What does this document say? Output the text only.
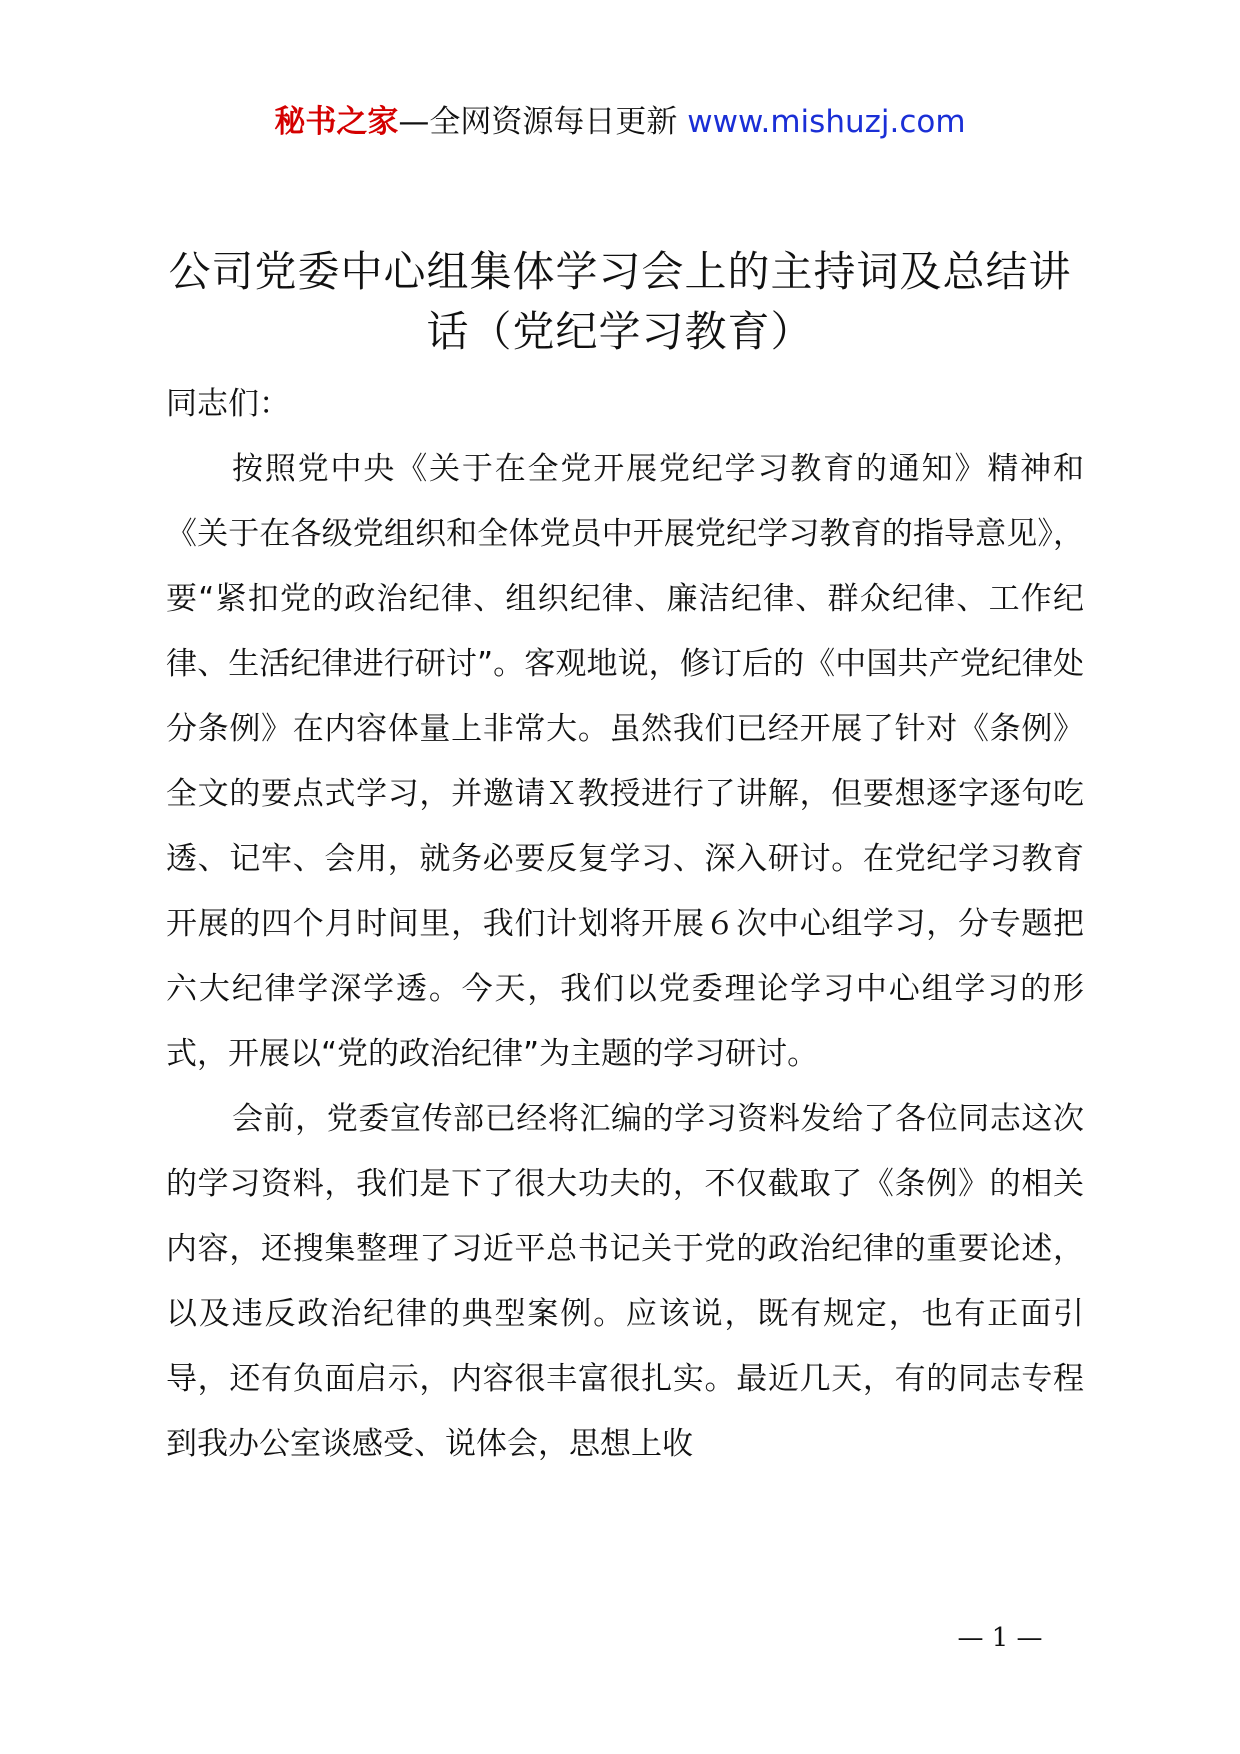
秘书之家—全网资源每日更新 www.mishuzj.com
公司党委中心组集体学习会上的主持词及总结讲话（党纪学习教育）

同志们：

按照党中央《关于在全党开展党纪学习教育的通知》精神和《关于在各级党组织和全体党员中开展党纪学习教育的指导意见》，要“紧扣党的政治纪律、组织纪律、廉洁纪律、群众纪律、工作纪律、生活纪律进行研讨”。客观地说，修订后的《中国共产党纪律处分条例》在内容体量上非常大。虽然我们已经开展了针对《条例》全文的要点式学习，并邀请Ｘ教授进行了讲解，但要想逐字逐句吃透、记牢、会用，就务必要反复学习、深入研讨。在党纪学习教育开展的四个月时间里，我们计划将开展６次中心组学习，分专题把六大纪律学深学透。今天，我们以党委理论学习中心组学习的形式，开展以“党的政治纪律”为主题的学习研讨。

会前，党委宣传部已经将汇编的学习资料发给了各位同志这次的学习资料，我们是下了很大功夫的，不仅截取了《条例》的相关内容，还搜集整理了习近平总书记关于党的政治纪律的重要论述，以及违反政治纪律的典型案例。应该说，既有规定，也有正面引导，还有负面启示，内容很丰富很扎实。最近几天，有的同志专程到我办公室谈感受、说体会，思想上收

— 1 —
